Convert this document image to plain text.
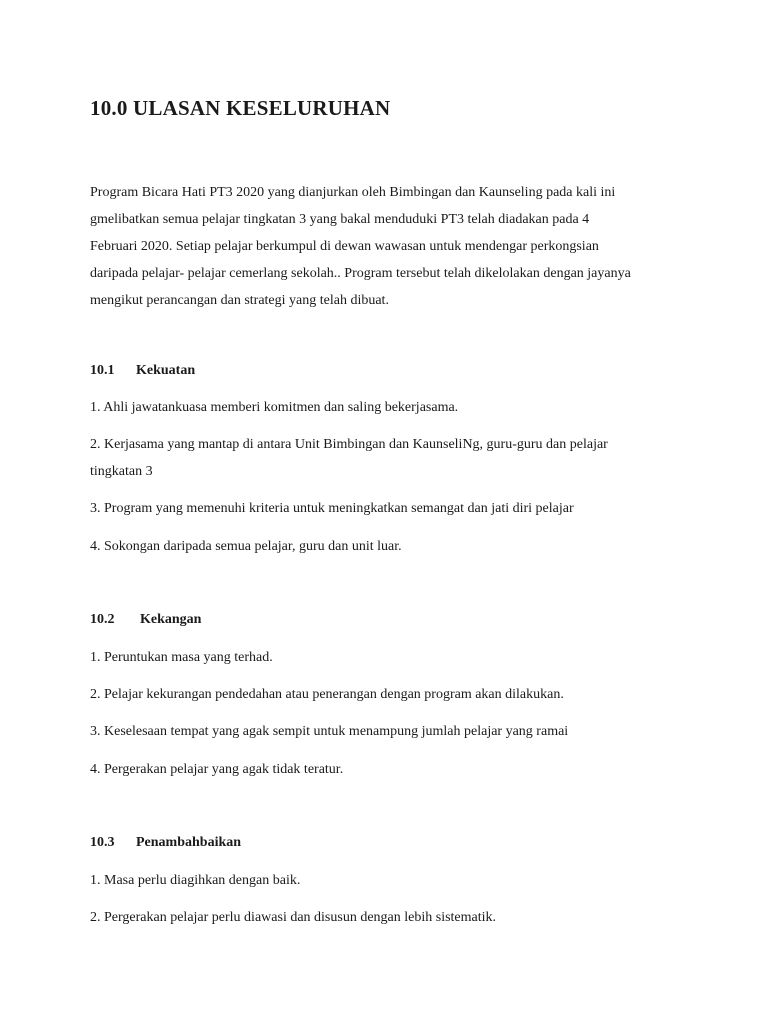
10.0 ULASAN KESELURUHAN

Program Bicara Hati PT3 2020 yang dianjurkan oleh Bimbingan dan Kaunseling pada kali ini
gmelibatkan semua pelajar tingkatan 3 yang bakal menduduki PT3 telah diadakan pada 4
Februari 2020. Setiap pelajar berkumpul di dewan wawasan untuk mendengar perkongsian
daripada pelajar- pelajar cemerlang sekolah.. Program tersebut telah dikelolakan dengan jayanya
mengikut perancangan dan strategi yang telah dibuat.

10.1 Kekuatan

1. Ahli jawatankuasa memberi komitmen dan saling bekerjasama.

2. Kerjasama yang mantap di antara Unit Bimbingan dan KaunseliNg, guru-guru dan pelajar

tingkatan 3

3. Program yang memenuhi kriteria untuk meningkatkan semangat dan jati diri pelajar

4. Sokongan daripada semua pelajar, guru dan unit luar.

10.2 Kekangan

1. Peruntukan masa yang terhad.

2. Pelajar kekurangan pendedahan atau penerangan dengan program akan dilakukan.

3. Keselesaan tempat yang agak sempit untuk menampung jumlah pelajar yang ramai

4. Pergerakan pelajar yang agak tidak teratur.

10.3 Penambahbaikan

1. Masa perlu diagihkan dengan baik.

2. Pergerakan pelajar perlu diawasi dan disusun dengan lebih sistematik.
